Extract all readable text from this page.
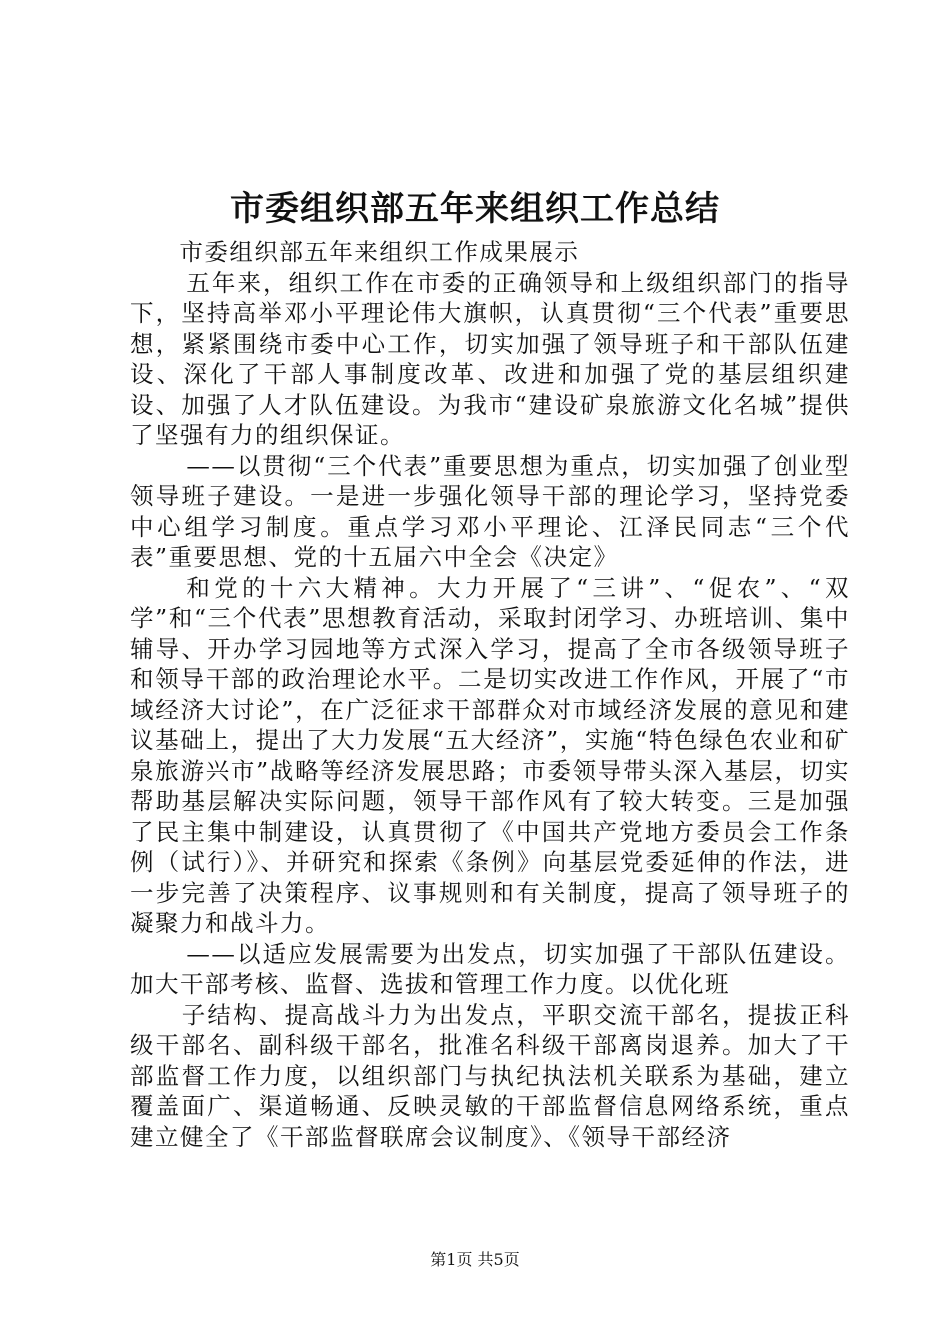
市委组织部五年来组织工作总结

市委组织部五年来组织工作成果展示

五年来，组织工作在市委的正确领导和上级组织部门的指导下，坚持高举邓小平理论伟大旗帜，认真贯彻“三个代表”重要思想，紧紧围绕市委中心工作，切实加强了领导班子和干部队伍建设、深化了干部人事制度改革、改进和加强了党的基层组织建设、加强了人才队伍建设。为我市“建设矿泉旅游文化名城”提供了坚强有力的组织保证。

——以贯彻“三个代表”重要思想为重点，切实加强了创业型领导班子建设。一是进一步强化领导干部的理论学习，坚持党委中心组学习制度。重点学习邓小平理论、江泽民同志“三个代表”重要思想、党的十五届六中全会《决定》

和党的十六大精神。大力开展了“三讲”、“促农”、“双学”和“三个代表”思想教育活动，采取封闭学习、办班培训、集中辅导、开办学习园地等方式深入学习，提高了全市各级领导班子和领导干部的政治理论水平。二是切实改进工作作风，开展了“市域经济大讨论”，在广泛征求干部群众对市域经济发展的意见和建议基础上，提出了大力发展“五大经济”，实施“特色绿色农业和矿泉旅游兴市”战略等经济发展思路；市委领导带头深入基层，切实帮助基层解决实际问题，领导干部作风有了较大转变。三是加强了民主集中制建设，认真贯彻了《中国共产党地方委员会工作条例（试行）》、并研究和探索《条例》向基层党委延伸的作法，进一步完善了决策程序、议事规则和有关制度，提高了领导班子的凝聚力和战斗力。

——以适应发展需要为出发点，切实加强了干部队伍建设。加大干部考核、监督、选拔和管理工作力度。以优化班

子结构、提高战斗力为出发点，平职交流干部名，提拔正科级干部名、副科级干部名，批准名科级干部离岗退养。加大了干部监督工作力度，以组织部门与执纪执法机关联系为基础，建立覆盖面广、渠道畅通、反映灵敏的干部监督信息网络系统，重点建立健全了《干部监督联席会议制度》、《领导干部经济

第1页 共5页
